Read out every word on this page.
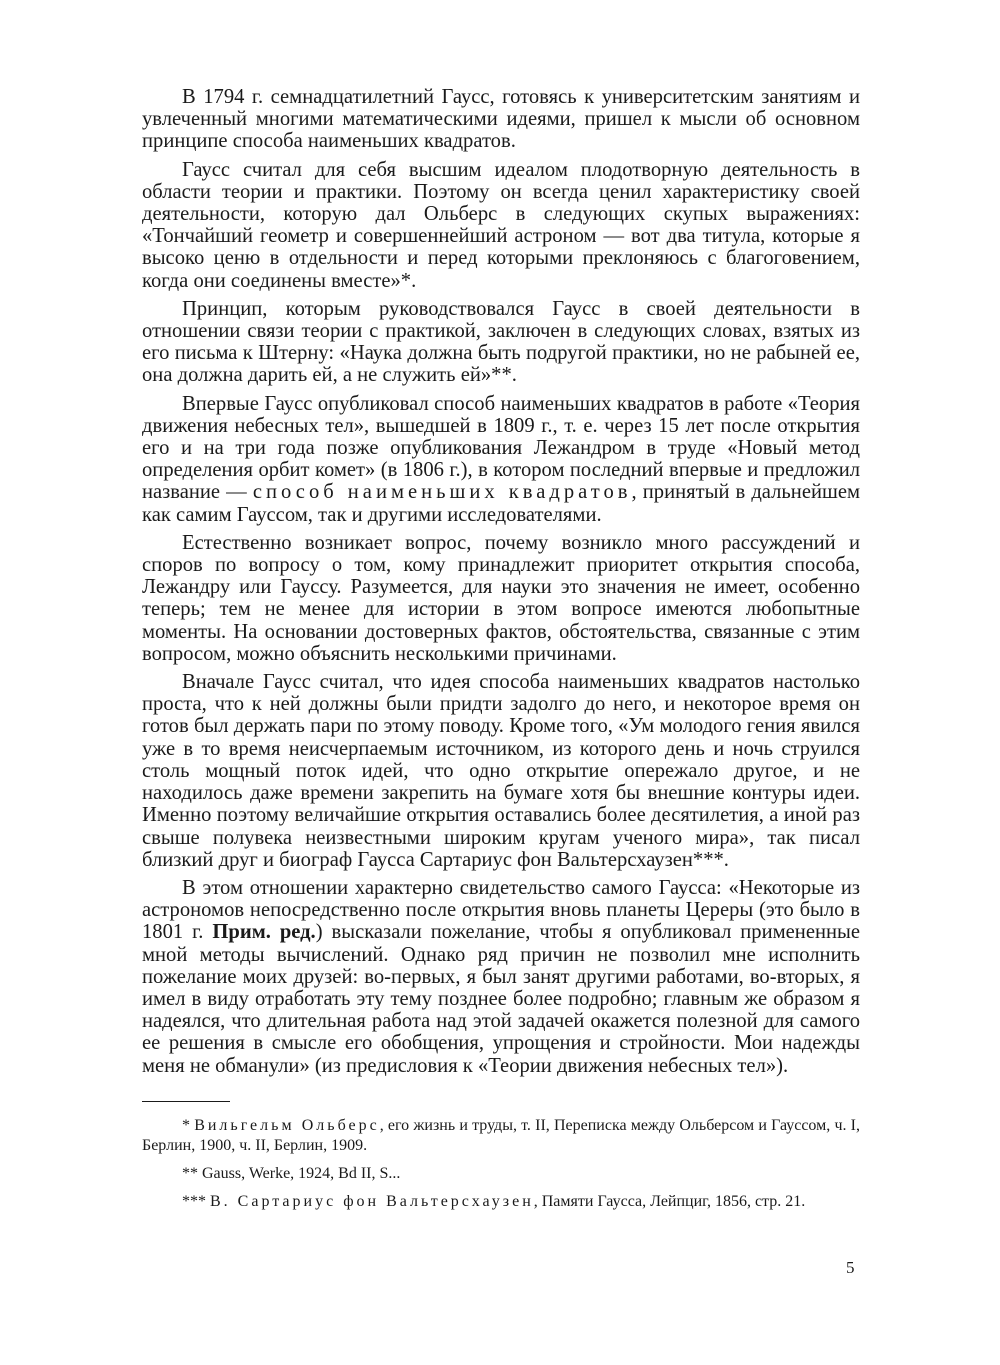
В 1794 г. семнадцатилетний Гаусс, готовясь к университетским занятиям и увлеченный многими математическими идеями, пришел к мысли об основном принципе способа наименьших квадратов.

Гаусс считал для себя высшим идеалом плодотворную деятельность в области теории и практики. Поэтому он всегда ценил характеристику своей деятельности, которую дал Ольберс в следующих скупых выражениях: «Тончайший геометр и совершеннейший астроном — вот два титула, которые я высоко ценю в отдельности и перед которыми преклоняюсь с благоговением, когда они соединены вместе»*.

Принцип, которым руководствовался Гаусс в своей деятельности в отношении связи теории с практикой, заключен в следующих словах, взятых из его письма к Штерну: «Наука должна быть подругой практики, но не рабыней ее, она должна дарить ей, а не служить ей»**.

Впервые Гаусс опубликовал способ наименьших квадратов в работе «Теория движения небесных тел», вышедшей в 1809 г., т. е. через 15 лет после открытия его и на три года позже опубликования Лежандром в труде «Новый метод определения орбит комет» (в 1806 г.), в котором последний впервые и предложил название — способ наименьших квадратов, принятый в дальнейшем как самим Гауссом, так и другими исследователями.

Естественно возникает вопрос, почему возникло много рассуждений и споров по вопросу о том, кому принадлежит приоритет открытия способа, Лежандру или Гауссу. Разумеется, для науки это значения не имеет, особенно теперь; тем не менее для истории в этом вопросе имеются любопытные моменты. На основании достоверных фактов, обстоятельства, связанные с этим вопросом, можно объяснить несколькими причинами.

Вначале Гаусс считал, что идея способа наименьших квадратов настолько проста, что к ней должны были придти задолго до него, и некоторое время он готов был держать пари по этому поводу. Кроме того, «Ум молодого гения явился уже в то время неисчерпаемым источником, из которого день и ночь струился столь мощный поток идей, что одно открытие опережало другое, и не находилось даже времени закрепить на бумаге хотя бы внешние контуры идеи. Именно поэтому величайшие открытия оставались более десятилетия, а иной раз свыше полувека неизвестными широким кругам ученого мира», так писал близкий друг и биограф Гаусса Сартариус фон Вальтерсхаузен***.

В этом отношении характерно свидетельство самого Гаусса: «Некоторые из астрономов непосредственно после открытия вновь планеты Цереры (это было в 1801 г. Прим. ред.) высказали пожелание, чтобы я опубликовал примененные мной методы вычислений. Однако ряд причин не позволил мне исполнить пожелание моих друзей: во-первых, я был занят другими работами, во-вторых, я имел в виду отработать эту тему позднее более подробно; главным же образом я надеялся, что длительная работа над этой задачей окажется полезной для самого ее решения в смысле его обобщения, упрощения и стройности. Мои надежды меня не обманули» (из предисловия к «Теории движения небесных тел»).

* Вильгельм Ольберс, его жизнь и труды, т. II, Переписка между Ольберсом и Гауссом, ч. I, Берлин, 1900, ч. II, Берлин, 1909.

** Gauss, Werke, 1924, Bd II, S...

*** В. Сартариус фон Вальтерсхаузен, Памяти Гаусса, Лейпциг, 1856, стр. 21.

5
